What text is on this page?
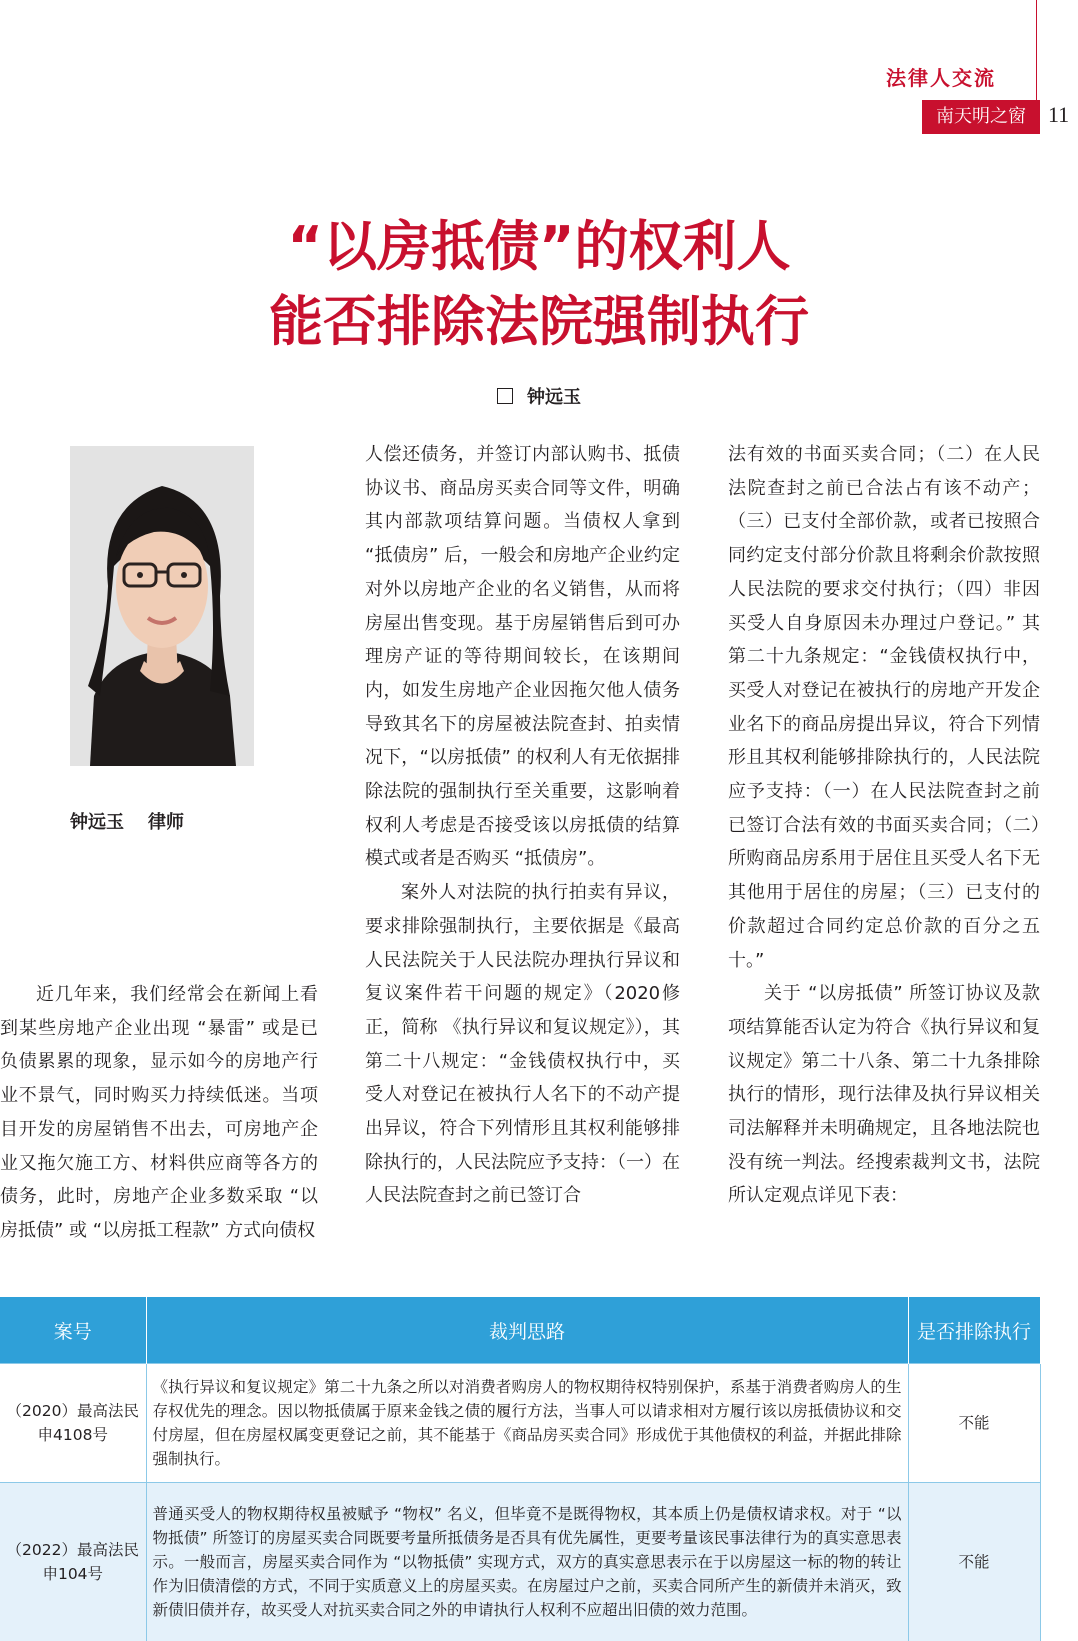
法律人交流
南天明之窗	11
“以房抵债”的权利人
能否排除法院强制执行
钟远玉
钟远玉 律师

近几年来，我们经常会在新闻上看到某些房地产企业出现 “暴雷” 或是已负债累累的现象，显示如今的房地产行业不景气，同时购买力持续低迷。当项目开发的房屋销售不出去，可房地产企业又拖欠施工方、材料供应商等各方的债务，此时，房地产企业多数采取 “以房抵债” 或 “以房抵工程款” 方式向债权

人偿还债务，并签订内部认购书、抵债协议书、商品房买卖合同等文件，明确其内部款项结算问题。当债权人拿到 “抵债房” 后，一般会和房地产企业约定对外以房地产企业的名义销售，从而将房屋出售变现。基于房屋销售后到可办理房产证的等待期间较长，在该期间内，如发生房地产企业因拖欠他人债务导致其名下的房屋被法院查封、拍卖情况下，“以房抵债” 的权利人有无依据排除法院的强制执行至关重要，这影响着权利人考虑是否接受该以房抵债的结算模式或者是否购买 “抵债房”。

案外人对法院的执行拍卖有异议，要求排除强制执行，主要依据是《最高人民法院关于人民法院办理执行异议和复议案件若干问题的规定》（2020修正，简称 《执行异议和复议规定》），其第二十八规定：“金钱债权执行中，买受人对登记在被执行人名下的不动产提出异议，符合下列情形且其权利能够排除执行的，人民法院应予支持：（一）在人民法院查封之前已签订合

法有效的书面买卖合同；（二）在人民法院查封之前已合法占有该不动产；（三）已支付全部价款，或者已按照合同约定支付部分价款且将剩余价款按照人民法院的要求交付执行；（四）非因买受人自身原因未办理过户登记。” 其第二十九条规定：“金钱债权执行中，买受人对登记在被执行的房地产开发企业名下的商品房提出异议，符合下列情形且其权利能够排除执行的，人民法院应予支持：（一）在人民法院查封之前已签订合法有效的书面买卖合同；（二）所购商品房系用于居住且买受人名下无其他用于居住的房屋；（三）已支付的价款超过合同约定总价款的百分之五十。”

关于 “以房抵债” 所签订协议及款项结算能否认定为符合《执行异议和复议规定》第二十八条、第二十九条排除执行的情形，现行法律及执行异议相关司法解释并未明确规定，且各地法院也没有统一判法。经搜索裁判文书，法院所认定观点详见下表：

案号	裁判思路	是否排除执行
（2020）最高法民申4108号	《执行异议和复议规定》第二十九条之所以对消费者购房人的物权期待权特别保护，系基于消费者购房人的生存权优先的理念。因以物抵债属于原来金钱之债的履行方法，当事人可以请求相对方履行该以房抵债协议和交付房屋，但在房屋权属变更登记之前，其不能基于《商品房买卖合同》形成优于其他债权的利益，并据此排除强制执行。	不能
（2022）最高法民申104号	普通买受人的物权期待权虽被赋予 “物权” 名义，但毕竟不是既得物权，其本质上仍是债权请求权。对于 “以物抵债” 所签订的房屋买卖合同既要考量所抵债务是否具有优先属性，更要考量该民事法律行为的真实意思表示。一般而言，房屋买卖合同作为 “以物抵债” 实现方式，双方的真实意思表示在于以房屋这一标的物的转让作为旧债清偿的方式，不同于实质意义上的房屋买卖。在房屋过户之前，买卖合同所产生的新债并未消灭，致新债旧债并存，故买受人对抗买卖合同之外的申请执行人权利不应超出旧债的效力范围。	不能
